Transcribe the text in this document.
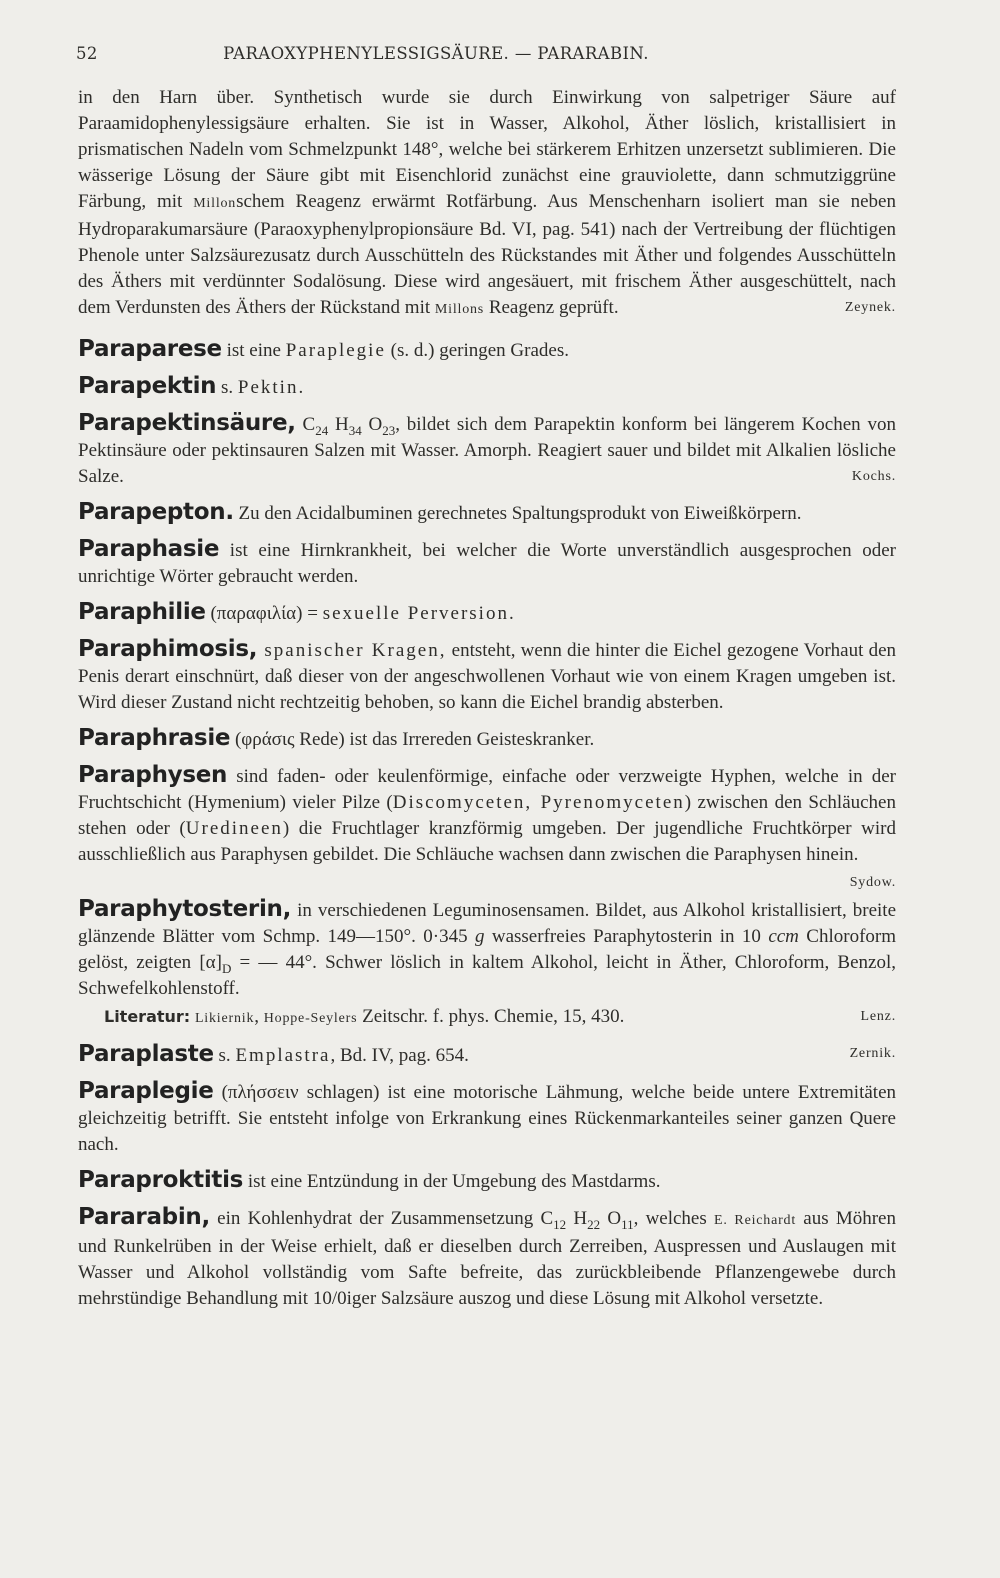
52	PARAOXYPHENYLESSIGSÄURE. — PARARABIN.

in den Harn über. Synthetisch wurde sie durch Einwirkung von salpetriger Säure auf Paraamidophenylessigsäure erhalten. Sie ist in Wasser, Alkohol, Äther löslich, kristallisiert in prismatischen Nadeln vom Schmelzpunkt 148°, welche bei stärkerem Erhitzen unzersetzt sublimieren. Die wässerige Lösung der Säure gibt mit Eisenchlorid zunächst eine grauviolette, dann schmutziggrüne Färbung, mit Millonschem Reagenz erwärmt Rotfärbung. Aus Menschenharn isoliert man sie neben Hydroparakumarsäure (Paraoxyphenylpropionsäure Bd. VI, pag. 541) nach der Vertreibung der flüchtigen Phenole unter Salzsäurezusatz durch Ausschütteln des Rückstandes mit Äther und folgendes Ausschütteln des Äthers mit verdünnter Sodalösung. Diese wird angesäuert, mit frischem Äther ausgeschüttelt, nach dem Verdunsten des Äthers der Rückstand mit Millons Reagenz geprüft.	Zeynek.

Paraparese ist eine Paraplegie (s. d.) geringen Grades.

Parapektin s. Pektin.

Parapektinsäure, $C_{24}$ $H_{34}$ $O_{23}$, bildet sich dem Parapektin konform bei längerem Kochen von Pektinsäure oder pektinsauren Salzen mit Wasser. Amorph. Reagiert sauer und bildet mit Alkalien lösliche Salze.	Kochs.

Parapepton. Zu den Acidalbuminen gerechnetes Spaltungsprodukt von Eiweißkörpern.

Paraphasie ist eine Hirnkrankheit, bei welcher die Worte unverständlich ausgesprochen oder unrichtige Wörter gebraucht werden.

Paraphilie (παραφιλία) = sexuelle Perversion.

Paraphimosis, spanischer Kragen, entsteht, wenn die hinter die Eichel gezogene Vorhaut den Penis derart einschnürt, daß dieser von der angeschwollenen Vorhaut wie von einem Kragen umgeben ist. Wird dieser Zustand nicht rechtzeitig behoben, so kann die Eichel brandig absterben.

Paraphrasie (φράσις Rede) ist das Irrereden Geisteskranker.

Paraphysen sind faden- oder keulenförmige, einfache oder verzweigte Hyphen, welche in der Fruchtschicht (Hymenium) vieler Pilze (Discomyceten, Pyrenomyceten) zwischen den Schläuchen stehen oder (Uredineen) die Fruchtlager kranzförmig umgeben. Der jugendliche Fruchtkörper wird ausschließlich aus Paraphysen gebildet. Die Schläuche wachsen dann zwischen die Paraphysen hinein.

Sydow.

Paraphytosterin, in verschiedenen Leguminosensamen. Bildet, aus Alkohol kristallisiert, breite glänzende Blätter vom Schmp. 149—150°. 0·345 g wasserfreies Paraphytosterin in 10 ccm Chloroform gelöst, zeigten $[\alpha]_D$ = — 44°. Schwer löslich in kaltem Alkohol, leicht in Äther, Chloroform, Benzol, Schwefelkohlenstoff.

Literatur: Likiernik, Hoppe-Seylers Zeitschr. f. phys. Chemie, 15, 430.	Lenz.

Paraplaste s. Emplastra, Bd. IV, pag. 654.	Zernik.

Paraplegie (πλήσσειν schlagen) ist eine motorische Lähmung, welche beide untere Extremitäten gleichzeitig betrifft. Sie entsteht infolge von Erkrankung eines Rückenmarkanteiles seiner ganzen Quere nach.

Paraproktitis ist eine Entzündung in der Umgebung des Mastdarms.

Pararabin, ein Kohlenhydrat der Zusammensetzung $C_{12}$ $H_{22}$ $O_{11}$, welches E. Reichardt aus Möhren und Runkelrüben in der Weise erhielt, daß er dieselben durch Zerreiben, Auspressen und Auslaugen mit Wasser und Alkohol vollständig vom Safte befreite, das zurückbleibende Pflanzengewebe durch mehrstündige Behandlung mit 10/0iger Salzsäure auszog und diese Lösung mit Alkohol versetzte.
